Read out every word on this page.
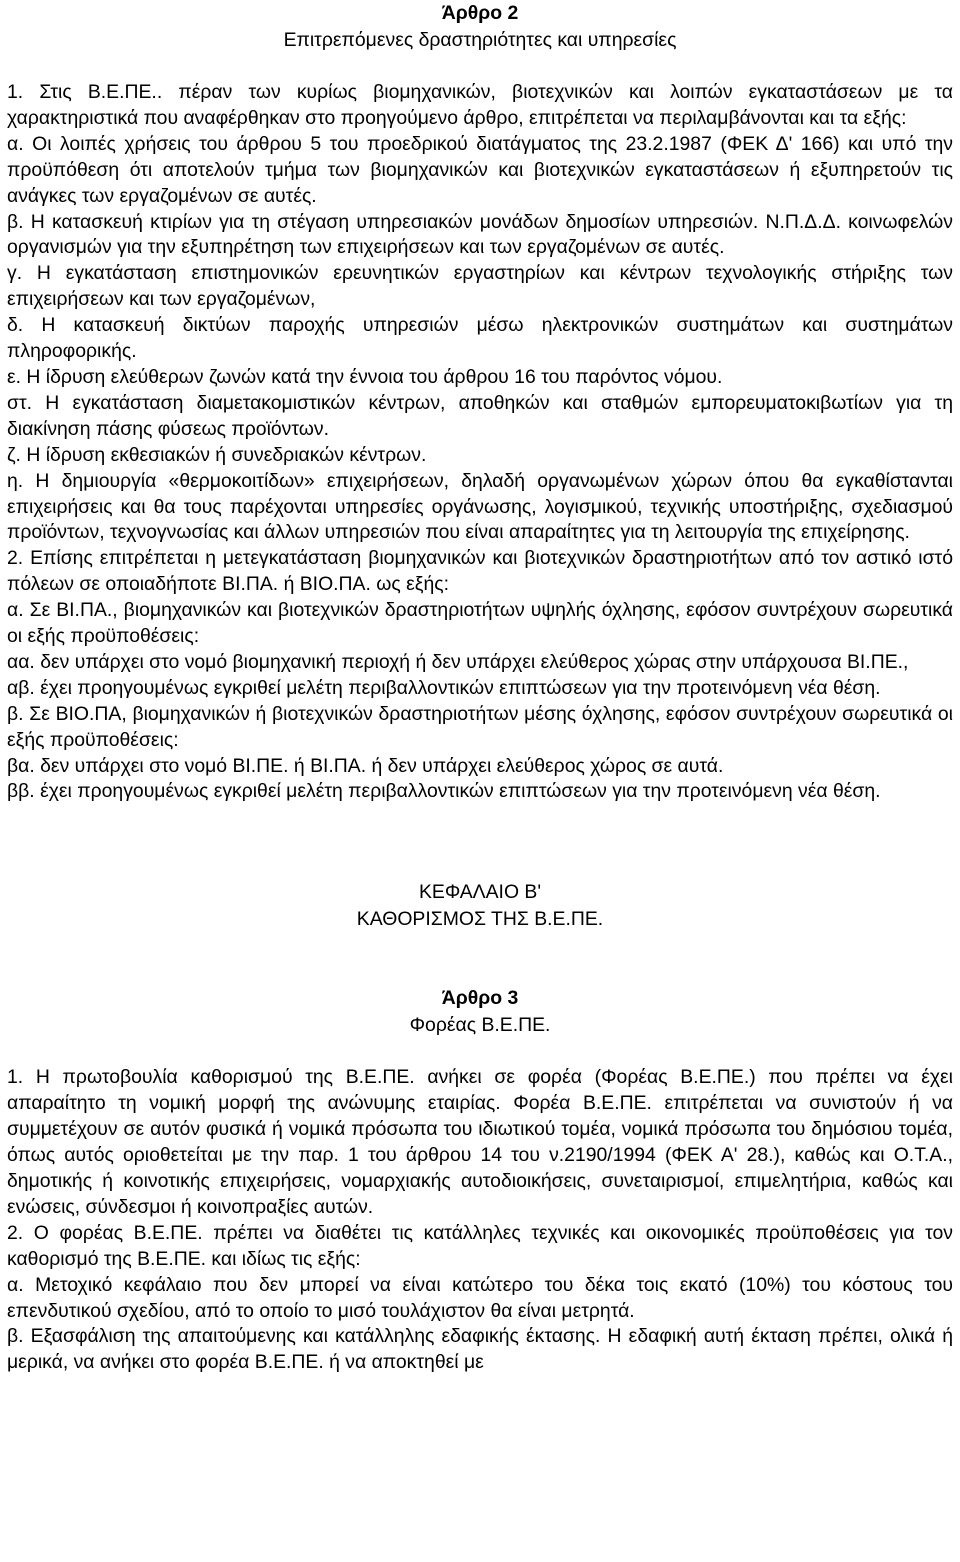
Άρθρο 2

Επιτρεπόμενες δραστηριότητες και υπηρεσίες

1. Στις Β.Ε.ΠΕ.. πέραν των κυρίως βιομηχανικών, βιοτεχνικών και λοιπών εγκαταστάσεων με τα χαρακτηριστικά που αναφέρθηκαν στο προηγούμενο άρθρο, επιτρέπεται να περιλαμβάνονται και τα εξής:

α. Οι λοιπές χρήσεις του άρθρου 5 του προεδρικού διατάγματος της 23.2.1987 (ΦΕΚ Δ' 166) και υπό την προϋπόθεση ότι αποτελούν τμήμα των βιομηχανικών και βιοτεχνικών εγκαταστάσεων ή εξυπηρετούν τις ανάγκες των εργαζομένων σε αυτές.

β. Η κατασκευή κτιρίων για τη στέγαση υπηρεσιακών μονάδων δημοσίων υπηρεσιών. Ν.Π.Δ.Δ. κοινωφελών οργανισμών για την εξυπηρέτηση των επιχειρήσεων και των εργαζομένων σε αυτές.

γ. Η εγκατάσταση επιστημονικών ερευνητικών εργαστηρίων και κέντρων τεχνολογικής στήριξης των επιχειρήσεων και των εργαζομένων,

δ. Η κατασκευή δικτύων παροχής υπηρεσιών μέσω ηλεκτρονικών συστημάτων και συστημάτων πληροφορικής.

ε. Η ίδρυση ελεύθερων ζωνών κατά την έννοια του άρθρου 16 του παρόντος νόμου.

στ. Η εγκατάσταση διαμετακομιστικών κέντρων, αποθηκών και σταθμών εμπορευματοκιβωτίων για τη διακίνηση πάσης φύσεως προϊόντων.

ζ. Η ίδρυση εκθεσιακών ή συνεδριακών κέντρων.

η. Η δημιουργία «θερμοκοιτίδων» επιχειρήσεων, δηλαδή οργανωμένων χώρων όπου θα εγκαθίστανται επιχειρήσεις και θα τους παρέχονται υπηρεσίες οργάνωσης, λογισμικού, τεχνικής υποστήριξης, σχεδιασμού προϊόντων, τεχνογνωσίας και άλλων υπηρεσιών που είναι απαραίτητες για τη λειτουργία της επιχείρησης.

2. Επίσης επιτρέπεται η μετεγκατάσταση βιομηχανικών και βιοτεχνικών δραστηριοτήτων από τον αστικό ιστό πόλεων σε οποιαδήποτε ΒΙ.ΠΑ. ή ΒΙΟ.ΠΑ. ως εξής:

α. Σε ΒΙ.ΠΑ., βιομηχανικών και βιοτεχνικών δραστηριοτήτων υψηλής όχλησης, εφόσον συντρέχουν σωρευτικά οι εξής προϋποθέσεις:

αα. δεν υπάρχει στο νομό βιομηχανική περιοχή ή δεν υπάρχει ελεύθερος χώρας στην υπάρχουσα ΒΙ.ΠΕ.,

αβ. έχει προηγουμένως εγκριθεί μελέτη περιβαλλοντικών επιπτώσεων για την προτεινόμενη νέα θέση.

β. Σε ΒΙΟ.ΠΑ, βιομηχανικών ή βιοτεχνικών δραστηριοτήτων μέσης όχλησης, εφόσον συντρέχουν σωρευτικά οι εξής προϋποθέσεις:

βα. δεν υπάρχει στο νομό ΒΙ.ΠΕ. ή ΒΙ.ΠΑ. ή δεν υπάρχει ελεύθερος χώρος σε αυτά.

ββ. έχει προηγουμένως εγκριθεί μελέτη περιβαλλοντικών επιπτώσεων για την προτεινόμενη νέα θέση.

ΚΕΦΑΛΑΙΟ Β'

ΚΑΘΟΡΙΣΜΟΣ ΤΗΣ Β.Ε.ΠΕ.

Άρθρο 3

Φορέας Β.Ε.ΠΕ.

1. Η πρωτοβουλία καθορισμού της Β.Ε.ΠΕ. ανήκει σε φορέα (Φορέας Β.Ε.ΠΕ.) που πρέπει να έχει απαραίτητο τη νομική μορφή της ανώνυμης εταιρίας. Φορέα Β.Ε.ΠΕ. επιτρέπεται να συνιστούν ή να συμμετέχουν σε αυτόν φυσικά ή νομικά πρόσωπα του ιδιωτικού τομέα, νομικά πρόσωπα του δημόσιου τομέα, όπως αυτός οριοθετείται με την παρ. 1 του άρθρου 14 του ν.2190/1994 (ΦΕΚ Α' 28.), καθώς και Ο.Τ.Α., δημοτικής ή κοινοτικής επιχειρήσεις, νομαρχιακής αυτοδιοικήσεις, συνεταιρισμοί, επιμελητήρια, καθώς και ενώσεις, σύνδεσμοι ή κοινοπραξίες αυτών.

2. Ο φορέας Β.Ε.ΠΕ. πρέπει να διαθέτει τις κατάλληλες τεχνικές και οικονομικές προϋποθέσεις για τον καθορισμό της Β.Ε.ΠΕ. και ιδίως τις εξής:

α. Μετοχικό κεφάλαιο που δεν μπορεί να είναι κατώτερο του δέκα τοις εκατό (10%) του κόστους του επενδυτικού σχεδίου, από το οποίο το μισό τουλάχιστον θα είναι μετρητά.

β. Εξασφάλιση της απαιτούμενης και κατάλληλης εδαφικής έκτασης. Η εδαφική αυτή έκταση πρέπει, ολικά ή μερικά, να ανήκει στο φορέα Β.Ε.ΠΕ. ή να αποκτηθεί με
